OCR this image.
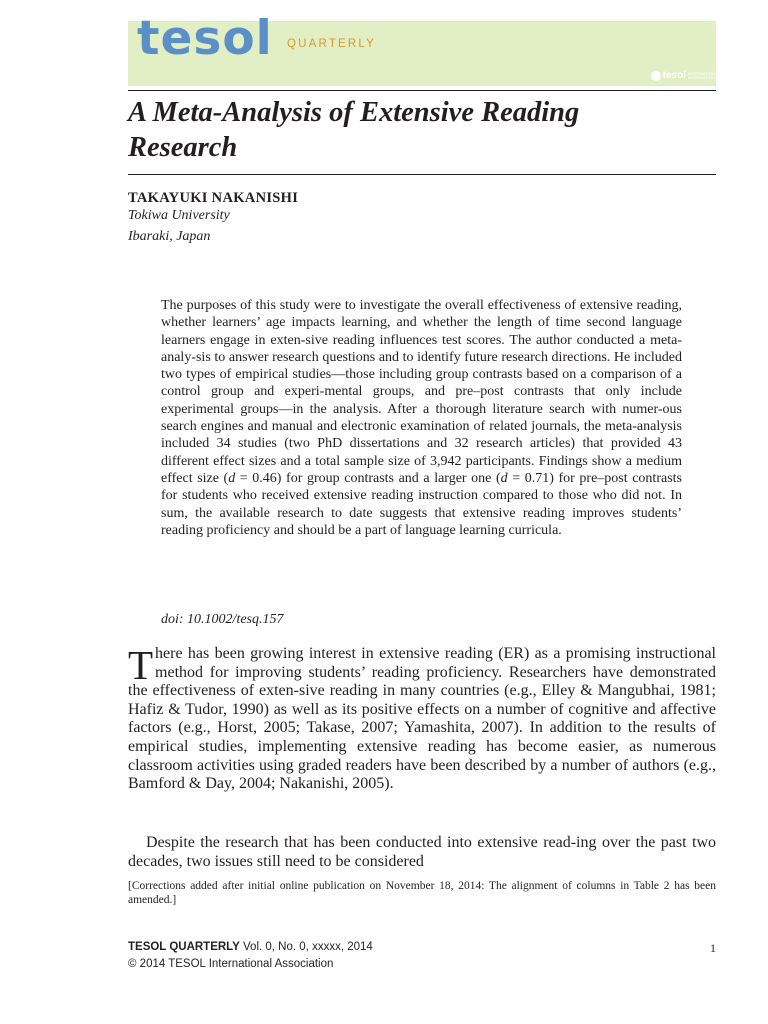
tesol QUARTERLY
tesol INTERNATIONAL ASSOCIATION
A Meta-Analysis of Extensive Reading
Research
TAKAYUKI NAKANISHI
Tokiwa University
Ibaraki, Japan

The purposes of this study were to investigate the overall effectiveness of extensive reading, whether learners’ age impacts learning, and whether the length of time second language learners engage in exten-sive reading influences test scores. The author conducted a meta-analy-sis to answer research questions and to identify future research directions. He included two types of empirical studies—those including group contrasts based on a comparison of a control group and experi-mental groups, and pre–post contrasts that only include experimental groups—in the analysis. After a thorough literature search with numer-ous search engines and manual and electronic examination of related journals, the meta-analysis included 34 studies (two PhD dissertations and 32 research articles) that provided 43 different effect sizes and a total sample size of 3,942 participants. Findings show a medium effect size (d = 0.46) for group contrasts and a larger one (d = 0.71) for pre–post contrasts for students who received extensive reading instruction compared to those who did not. In sum, the available research to date suggests that extensive reading improves students’ reading proficiency and should be a part of language learning curricula.

doi: 10.1002/tesq.157

There has been growing interest in extensive reading (ER) as a promising instructional method for improving students’ reading proficiency. Researchers have demonstrated the effectiveness of exten-sive reading in many countries (e.g., Elley & Mangubhai, 1981; Hafiz & Tudor, 1990) as well as its positive effects on a number of cognitive and affective factors (e.g., Horst, 2005; Takase, 2007; Yamashita, 2007). In addition to the results of empirical studies, implementing extensive reading has become easier, as numerous classroom activities using graded readers have been described by a number of authors (e.g., Bamford & Day, 2004; Nakanishi, 2005).

Despite the research that has been conducted into extensive read-ing over the past two decades, two issues still need to be considered

[Corrections added after initial online publication on November 18, 2014: The alignment of columns in Table 2 has been amended.]

TESOL QUARTERLY Vol. 0, No. 0, xxxxx, 2014	1
© 2014 TESOL International Association
